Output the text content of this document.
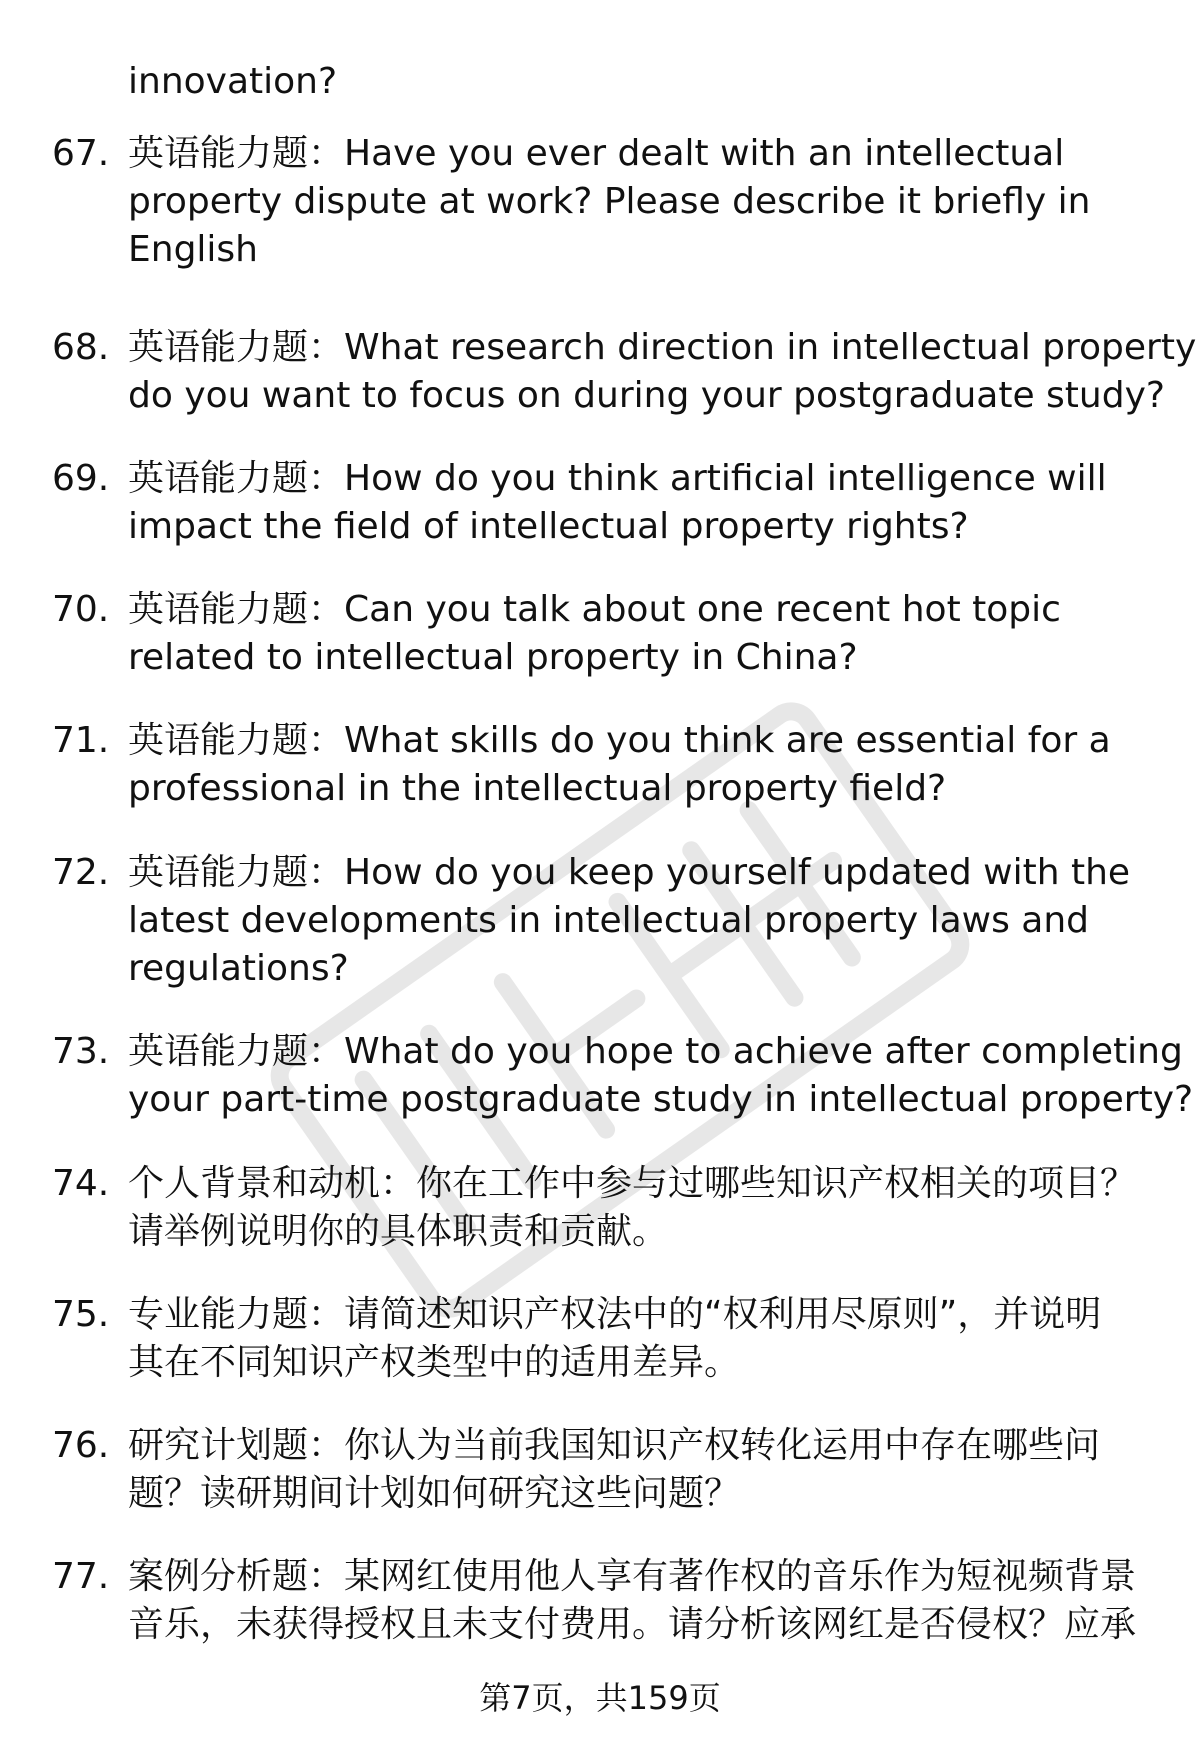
innovation?
67. 英语能力题：Have you ever dealt with an intellectual
property dispute at work? Please describe it briefly in
English
68. 英语能力题：What research direction in intellectual property
do you want to focus on during your postgraduate study?
69. 英语能力题：How do you think artificial intelligence will
impact the field of intellectual property rights?
70. 英语能力题：Can you talk about one recent hot topic
related to intellectual property in China?
71. 英语能力题：What skills do you think are essential for a
professional in the intellectual property field?
72. 英语能力题：How do you keep yourself updated with the
latest developments in intellectual property laws and
regulations?
73. 英语能力题：What do you hope to achieve after completing
your part-time postgraduate study in intellectual property?
74. 个人背景和动机：你在工作中参与过哪些知识产权相关的项目？
请举例说明你的具体职责和贡献。
75. 专业能力题：请简述知识产权法中的“权利用尽原则”，并说明
其在不同知识产权类型中的适用差异。
76. 研究计划题：你认为当前我国知识产权转化运用中存在哪些问
题？读研期间计划如何研究这些问题？
77. 案例分析题：某网红使用他人享有著作权的音乐作为短视频背景
音乐，未获得授权且未支付费用。请分析该网红是否侵权？应承
第7页，共159页
